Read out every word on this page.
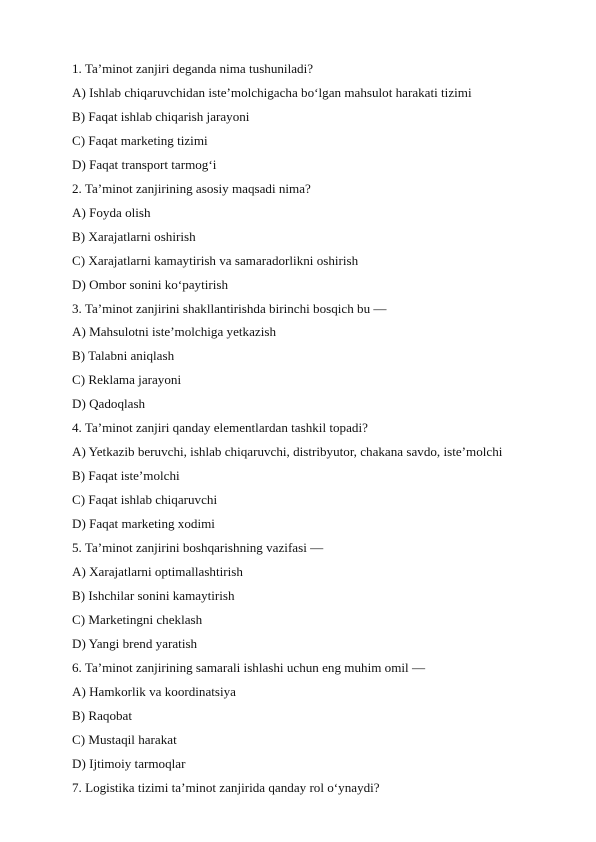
1. Ta’minot zanjiri deganda nima tushuniladi?
A) Ishlab chiqaruvchidan iste’molchigacha bo‘lgan mahsulot harakati tizimi
B) Faqat ishlab chiqarish jarayoni
C) Faqat marketing tizimi
D) Faqat transport tarmog‘i
2. Ta’minot zanjirining asosiy maqsadi nima?
A) Foyda olish
B) Xarajatlarni oshirish
C) Xarajatlarni kamaytirish va samaradorlikni oshirish
D) Ombor sonini ko‘paytirish
3. Ta’minot zanjirini shakllantirishda birinchi bosqich bu —
A) Mahsulotni iste’molchiga yetkazish
B) Talabni aniqlash
C) Reklama jarayoni
D) Qadoqlash
4. Ta’minot zanjiri qanday elementlardan tashkil topadi?
A) Yetkazib beruvchi, ishlab chiqaruvchi, distribyutor, chakana savdo, iste’molchi
B) Faqat iste’molchi
C) Faqat ishlab chiqaruvchi
D) Faqat marketing xodimi
5. Ta’minot zanjirini boshqarishning vazifasi —
A) Xarajatlarni optimallashtirish
B) Ishchilar sonini kamaytirish
C) Marketingni cheklash
D) Yangi brend yaratish
6. Ta’minot zanjirining samarali ishlashi uchun eng muhim omil —
A) Hamkorlik va koordinatsiya
B) Raqobat
C) Mustaqil harakat
D) Ijtimoiy tarmoqlar
7. Logistika tizimi ta’minot zanjirida qanday rol o‘ynaydi?
